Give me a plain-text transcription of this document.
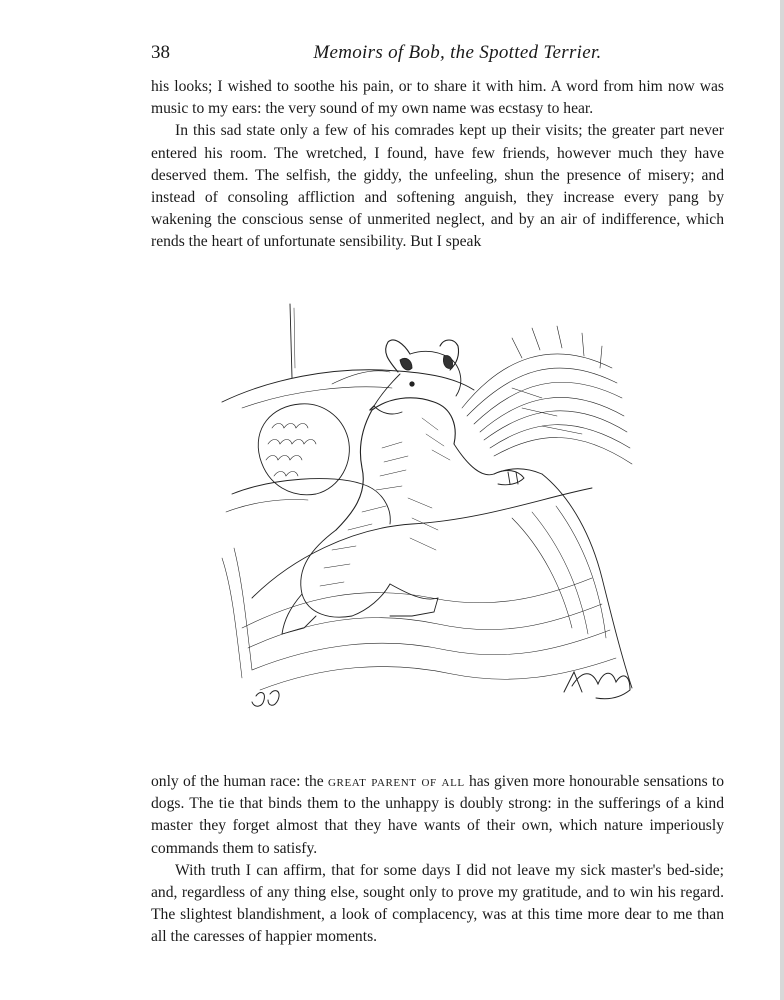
38	Memoirs of Bob, the Spotted Terrier.

his looks; I wished to soothe his pain, or to share it with him. A word from him now was music to my ears: the very sound of my own name was ecstasy to hear.

In this sad state only a few of his comrades kept up their visits; the greater part never entered his room. The wretched, I found, have few friends, however much they have deserved them. The selfish, the giddy, the unfeeling, shun the presence of misery; and instead of consoling affliction and softening anguish, they increase every pang by wakening the conscious sense of unmerited neglect, and by an air of indifference, which rends the heart of unfortunate sensibility. But I speak

only of the human race: the great parent of all has given more honourable sensations to dogs. The tie that binds them to the unhappy is doubly strong: in the sufferings of a kind master they forget almost that they have wants of their own, which nature imperiously commands them to satisfy.

With truth I can affirm, that for some days I did not leave my sick master's bed-side; and, regardless of any thing else, sought only to prove my gratitude, and to win his regard. The slightest blandishment, a look of complacency, was at this time more dear to me than all the caresses of happier moments.
